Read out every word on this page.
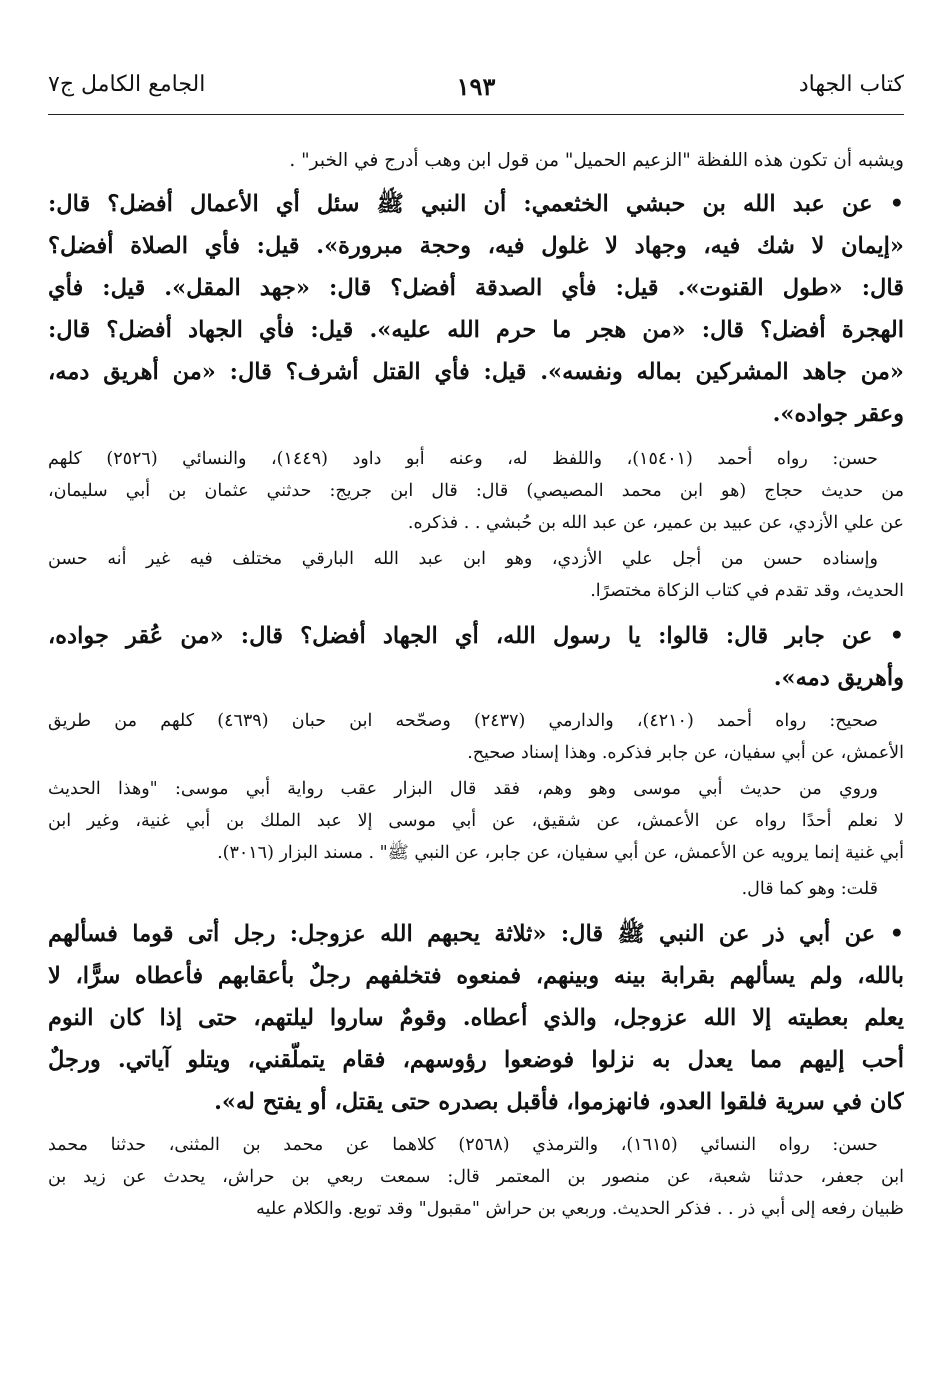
كتاب الجهاد
١٩٣
الجامع الكامل ج٧
ويشبه أن تكون هذه اللفظة "الزعيم الحميل" من قول ابن وهب أدرج في الخبر" .
• عن عبد الله بن حبشي الخثعمي: أن النبي ﷺ سئل أي الأعمال أفضل؟ قال:
«إيمان لا شك فيه، وجهاد لا غلول فيه، وحجة مبرورة». قيل: فأي الصلاة أفضل؟
قال: «طول القنوت». قيل: فأي الصدقة أفضل؟ قال: «جهد المقل». قيل: فأي
الهجرة أفضل؟ قال: «من هجر ما حرم الله عليه». قيل: فأي الجهاد أفضل؟ قال:
«من جاهد المشركين بماله ونفسه». قيل: فأي القتل أشرف؟ قال: «من أهريق دمه،
وعقر جواده».
حسن: رواه أحمد (١٥٤٠١)، واللفظ له، وعنه أبو داود (١٤٤٩)، والنسائي (٢٥٢٦) كلهم
من حديث حجاج (هو ابن محمد المصيصي) قال: قال ابن جريج: حدثني عثمان بن أبي سليمان،
عن علي الأزدي، عن عبيد بن عمير، عن عبد الله بن حُبشي . . فذكره.
وإسناده حسن من أجل علي الأزدي، وهو ابن عبد الله البارقي مختلف فيه غير أنه حسن
الحديث، وقد تقدم في كتاب الزكاة مختصرًا.
• عن جابر قال: قالوا: يا رسول الله، أي الجهاد أفضل؟ قال: «من عُقر جواده،
وأهريق دمه».
صحيح: رواه أحمد (٤٢١٠)، والدارمي (٢٤٣٧) وصحّحه ابن حبان (٤٦٣٩) كلهم من طريق
الأعمش، عن أبي سفيان، عن جابر فذكره. وهذا إسناد صحيح.
وروي من حديث أبي موسى وهو وهم، فقد قال البزار عقب رواية أبي موسى: "وهذا الحديث
لا نعلم أحدًا رواه عن الأعمش، عن شقيق، عن أبي موسى إلا عبد الملك بن أبي غنية، وغير ابن
أبي غنية إنما يرويه عن الأعمش، عن أبي سفيان، عن جابر، عن النبي ﷺ" . مسند البزار (٣٠١٦).
قلت: وهو كما قال.
• عن أبي ذر عن النبي ﷺ قال: «ثلاثة يحبهم الله عزوجل: رجل أتى قوما فسألهم
بالله، ولم يسألهم بقرابة بينه وبينهم، فمنعوه فتخلفهم رجلٌ بأعقابهم فأعطاه سرًّا، لا
يعلم بعطيته إلا الله عزوجل، والذي أعطاه. وقومٌ ساروا ليلتهم، حتى إذا كان النوم
أحب إليهم مما يعدل به نزلوا فوضعوا رؤوسهم، فقام يتملّقني، ويتلو آياتي. ورجلٌ
كان في سرية فلقوا العدو، فانهزموا، فأقبل بصدره حتى يقتل، أو يفتح له».
حسن: رواه النسائي (١٦١٥)، والترمذي (٢٥٦٨) كلاهما عن محمد بن المثنى، حدثنا محمد
ابن جعفر، حدثنا شعبة، عن منصور بن المعتمر قال: سمعت ربعي بن حراش، يحدث عن زيد بن
ظبيان رفعه إلى أبي ذر . . فذكر الحديث. وربعي بن حراش "مقبول" وقد توبع. والكلام عليه
